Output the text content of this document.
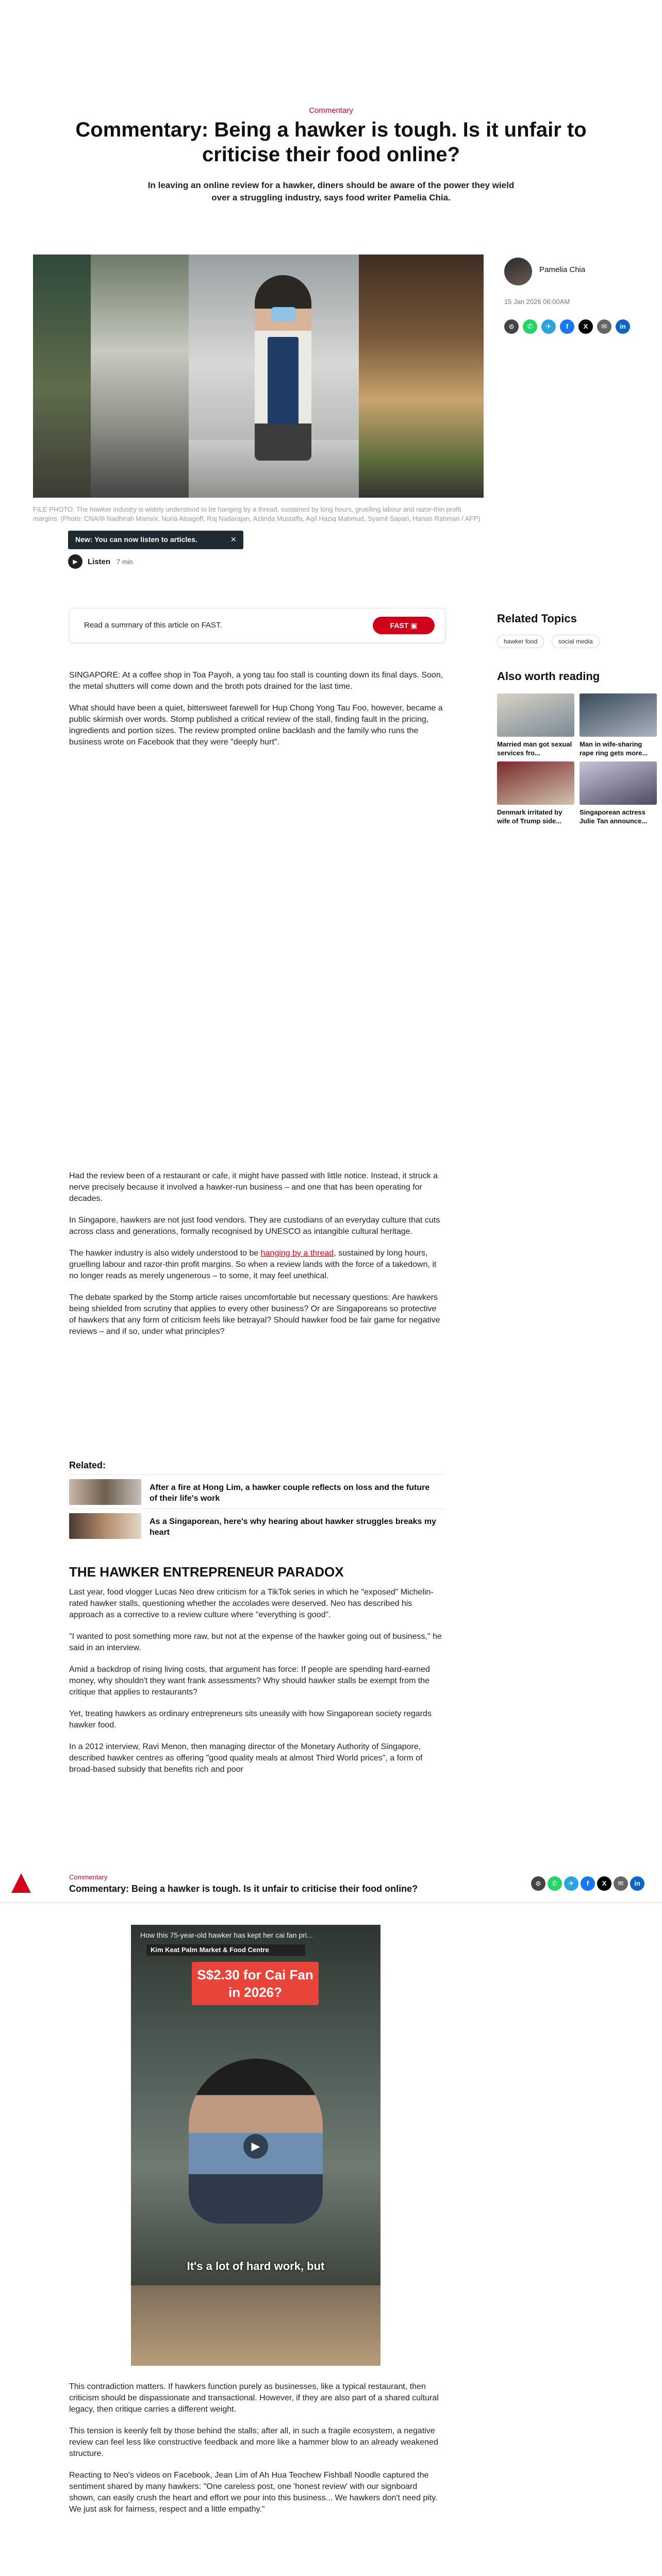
Commentary
Commentary: Being a hawker is tough. Is it unfair to criticise their food online?
In leaving an online review for a hawker, diners should be aware of the power they wield over a struggling industry, says food writer Pamelia Chia.
FILE PHOTO: The hawker industry is widely understood to be hanging by a thread, sustained by long hours, gruelling labour and razor-thin profit margins. (Photo: CNA/Ili Nadhirah Mansor, Nuria Alsagoff, Raj Nadarajan, Azlinda Mustaffa, Aqil Haziq Mahmud, Syamil Sapari, Hanan Rahman / AFP)
New: You can now listen to articles.	×
▶	Listen 7 min
Pamelia Chia
15 Jan 2026 06:00AM
⊙	✆	✈	f	X	✉	in
Read a summary of this article on FAST.	FAST ▣
Related Topics
hawker food	social media
Also worth reading
Married man got sexual services fro...
Man in wife-sharing rape ring gets more...
Denmark irritated by wife of Trump side...
Singaporean actress Julie Tan announce...

SINGAPORE: At a coffee shop in Toa Payoh, a yong tau foo stall is counting down its final days. Soon, the metal shutters will come down and the broth pots drained for the last time.

What should have been a quiet, bittersweet farewell for Hup Chong Yong Tau Foo, however, became a public skirmish over words. Stomp published a critical review of the stall, finding fault in the pricing, ingredients and portion sizes. The review prompted online backlash and the family who runs the business wrote on Facebook that they were "deeply hurt".

Had the review been of a restaurant or cafe, it might have passed with little notice. Instead, it struck a nerve precisely because it involved a hawker-run business – and one that has been operating for decades.

In Singapore, hawkers are not just food vendors. They are custodians of an everyday culture that cuts across class and generations, formally recognised by UNESCO as intangible cultural heritage.

The hawker industry is also widely understood to be hanging by a thread, sustained by long hours, gruelling labour and razor-thin profit margins. So when a review lands with the force of a takedown, it no longer reads as merely ungenerous – to some, it may feel unethical.

The debate sparked by the Stomp article raises uncomfortable but necessary questions: Are hawkers being shielded from scrutiny that applies to every other business? Or are Singaporeans so protective of hawkers that any form of criticism feels like betrayal? Should hawker food be fair game for negative reviews – and if so, under what principles?

Related:
After a fire at Hong Lim, a hawker couple reflects on loss and the future of their life's work
As a Singaporean, here's why hearing about hawker struggles breaks my heart
THE HAWKER ENTREPRENEUR PARADOX

Last year, food vlogger Lucas Neo drew criticism for a TikTok series in which he "exposed" Michelin-rated hawker stalls, questioning whether the accolades were deserved. Neo has described his approach as a corrective to a review culture where "everything is good".

"I wanted to post something more raw, but not at the expense of the hawker going out of business," he said in an interview.

Amid a backdrop of rising living costs, that argument has force: If people are spending hard-earned money, why shouldn't they want frank assessments? Why should hawker stalls be exempt from the critique that applies to restaurants?

Yet, treating hawkers as ordinary entrepreneurs sits uneasily with how Singaporean society regards hawker food.

In a 2012 interview, Ravi Menon, then managing director of the Monetary Authority of Singapore, described hawker centres as offering "good quality meals at almost Third World prices", a form of broad-based subsidy that benefits rich and poor

Commentary
Commentary: Being a hawker is tough. Is it unfair to criticise their food online?
⊙	✆	✈	f	X	✉	in
How this 75-year-old hawker has kept her cai fan pri...
Kim Keat Palm Market & Food Centre
S$2.30 for Cai Fan in 2026?
▶
It's a lot of hard work, but

This contradiction matters. If hawkers function purely as businesses, like a typical restaurant, then criticism should be dispassionate and transactional. However, if they are also part of a shared cultural legacy, then critique carries a different weight.

This tension is keenly felt by those behind the stalls; after all, in such a fragile ecosystem, a negative review can feel less like constructive feedback and more like a hammer blow to an already weakened structure.

Reacting to Neo's videos on Facebook, Jean Lim of Ah Hua Teochew Fishball Noodle captured the sentiment shared by many hawkers: "One careless post, one 'honest review' with our signboard shown, can easily crush the heart and effort we pour into this business... We hawkers don't need pity. We just ask for fairness, respect and a little empathy."
